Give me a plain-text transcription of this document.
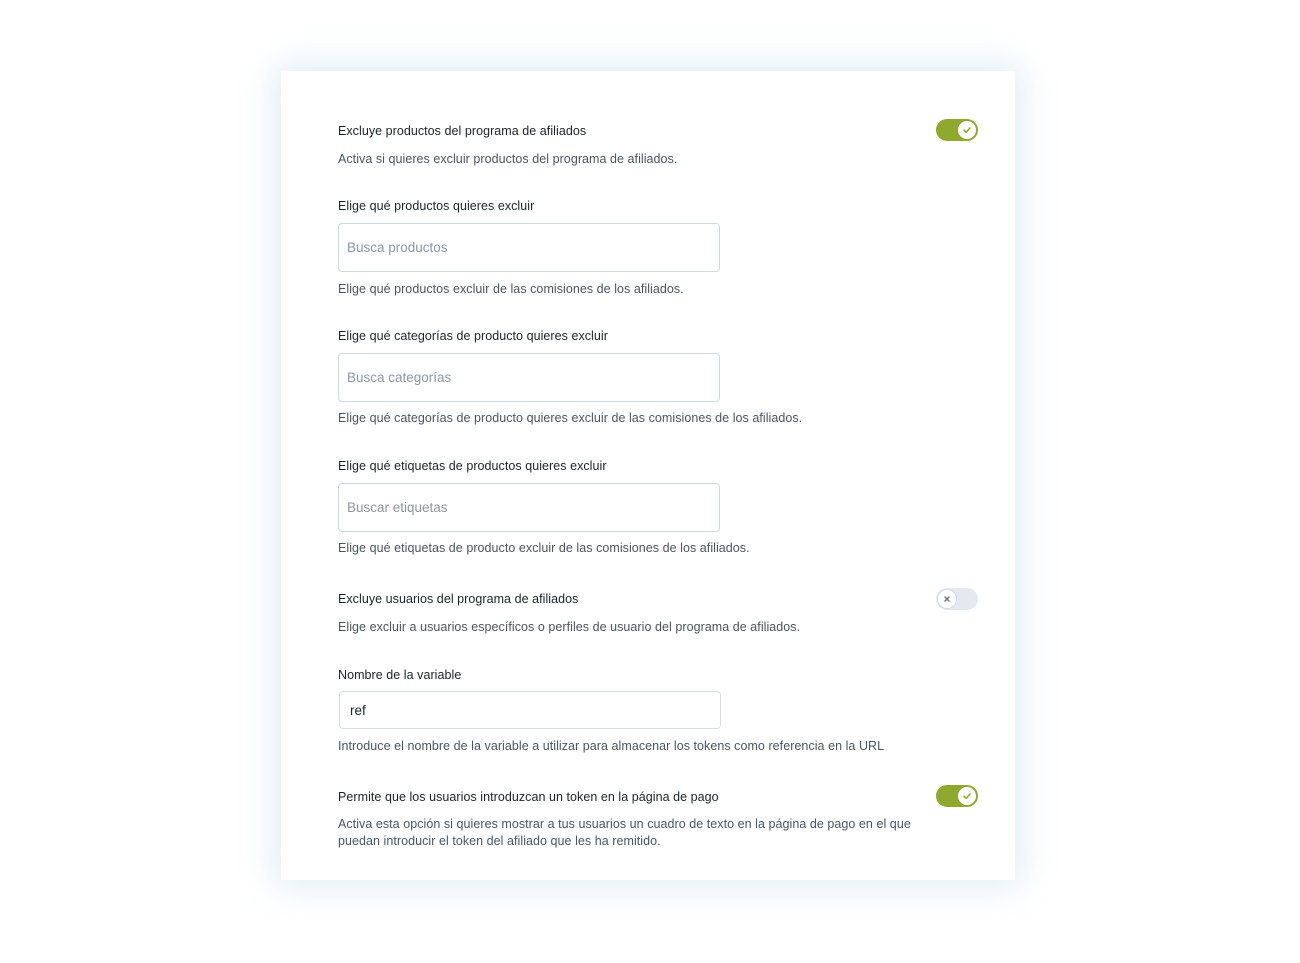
Excluye productos del programa de afiliados
Activa si quieres excluir productos del programa de afiliados.
Elige qué productos quieres excluir
Busca productos
Elige qué productos excluir de las comisiones de los afiliados.
Elige qué categorías de producto quieres excluir
Busca categorías
Elige qué categorías de producto quieres excluir de las comisiones de los afiliados.
Elige qué etiquetas de productos quieres excluir
Buscar etiquetas
Elige qué etiquetas de producto excluir de las comisiones de los afiliados.
Excluye usuarios del programa de afiliados
Elige excluir a usuarios específicos o perfiles de usuario del programa de afiliados.
Nombre de la variable
ref
Introduce el nombre de la variable a utilizar para almacenar los tokens como referencia en la URL
Permite que los usuarios introduzcan un token en la página de pago
Activa esta opción si quieres mostrar a tus usuarios un cuadro de texto en la página de pago en el que puedan introducir el token del afiliado que les ha remitido.
